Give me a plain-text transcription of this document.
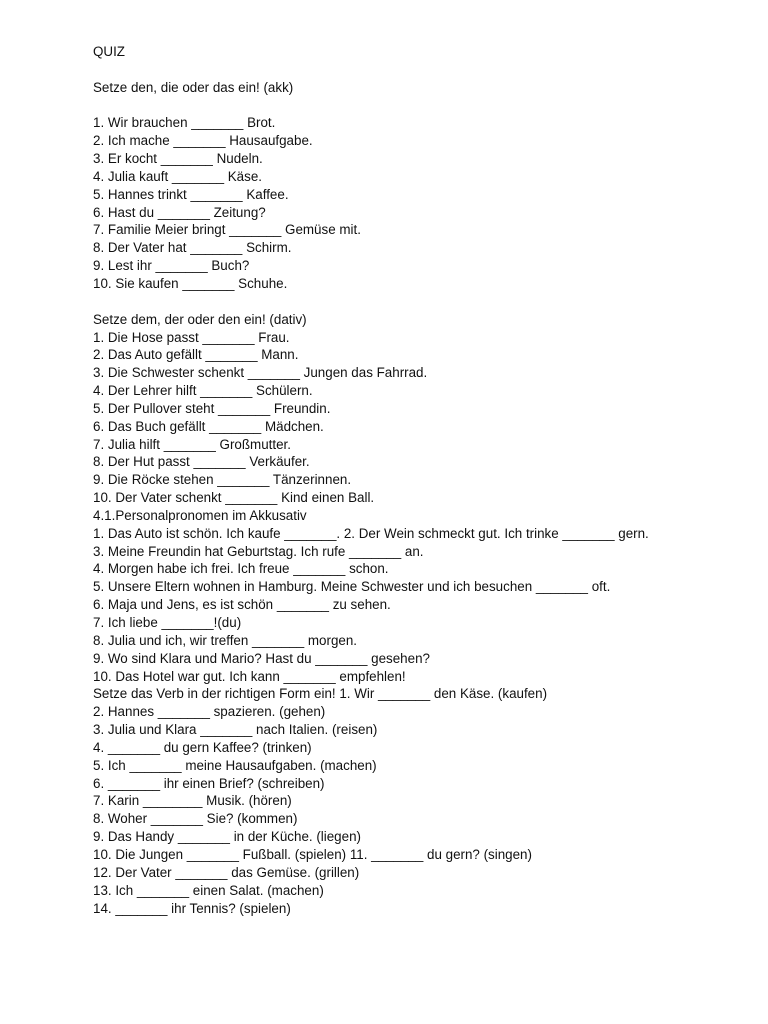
QUIZ
Setze den, die oder das ein! (akk)
1. Wir brauchen _______ Brot.
2. Ich mache _______ Hausaufgabe.
3. Er kocht _______ Nudeln.
4. Julia kauft _______ Käse.
5. Hannes trinkt _______ Kaffee.
6. Hast du _______ Zeitung?
7. Familie Meier bringt _______ Gemüse mit.
8. Der Vater hat _______ Schirm.
9. Lest ihr _______ Buch?
10. Sie kaufen _______ Schuhe.
Setze dem, der oder den ein! (dativ)
1. Die Hose passt _______ Frau.
2. Das Auto gefällt _______ Mann.
3. Die Schwester schenkt _______ Jungen das Fahrrad.
4. Der Lehrer hilft _______ Schülern.
5. Der Pullover steht _______ Freundin.
6. Das Buch gefällt _______ Mädchen.
7. Julia hilft _______ Großmutter.
8. Der Hut passt _______ Verkäufer.
9. Die Röcke stehen _______ Tänzerinnen.
10. Der Vater schenkt _______ Kind einen Ball.
4.1.Personalpronomen im Akkusativ
1. Das Auto ist schön. Ich kaufe _______. 2. Der Wein schmeckt gut. Ich trinke _______ gern.
3. Meine Freundin hat Geburtstag. Ich rufe _______ an.
4. Morgen habe ich frei. Ich freue _______ schon.
5. Unsere Eltern wohnen in Hamburg. Meine Schwester und ich besuchen _______ oft.
6. Maja und Jens, es ist schön _______ zu sehen.
7. Ich liebe _______!(du)
8. Julia und ich, wir treffen _______ morgen.
9. Wo sind Klara und Mario? Hast du _______ gesehen?
10. Das Hotel war gut. Ich kann _______ empfehlen!
Setze das Verb in der richtigen Form ein! 1. Wir _______ den Käse. (kaufen)
2. Hannes _______ spazieren. (gehen)
3. Julia und Klara _______ nach Italien. (reisen)
4. _______ du gern Kaffee? (trinken)
5. Ich _______ meine Hausaufgaben. (machen)
6. _______ ihr einen Brief? (schreiben)
7. Karin ________ Musik. (hören)
8. Woher _______ Sie? (kommen)
9. Das Handy _______ in der Küche. (liegen)
10. Die Jungen _______ Fußball. (spielen) 11. _______ du gern? (singen)
12. Der Vater _______ das Gemüse. (grillen)
13. Ich _______ einen Salat. (machen)
14. _______ ihr Tennis? (spielen)
